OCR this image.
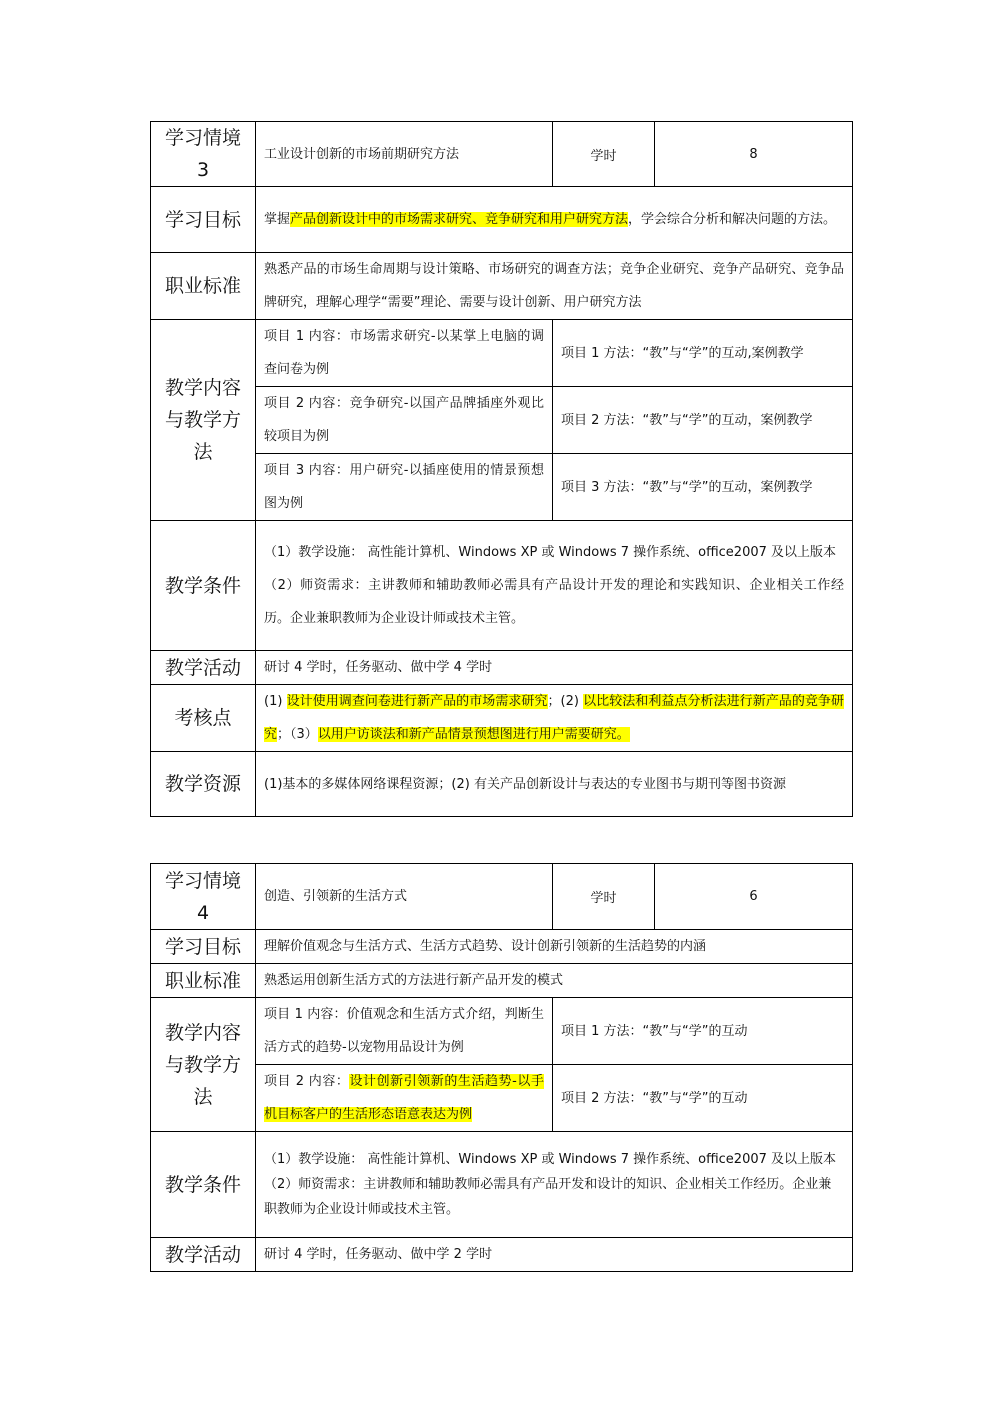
学习情境3	工业设计创新的市场前期研究方法	学时	8
学习目标	掌握产品创新设计中的市场需求研究、竞争研究和用户研究方法，学会综合分析和解决问题的方法。		
职业标准	熟悉产品的市场生命周期与设计策略、市场研究的调查方法；竞争企业研究、竞争产品研究、竞争品牌研究，理解心理学“需要”理论、需要与设计创新、用户研究方法		
教学内容与教学方法	项目 1 内容：市场需求研究-以某掌上电脑的调查问卷为例	项目 1 方法：“教”与“学”的互动,案例教学	
	项目 2 内容：竞争研究-以国产品牌插座外观比较项目为例	项目 2 方法：“教”与“学”的互动，案例教学	
	项目 3 内容：用户研究-以插座使用的情景预想图为例	项目 3 方法：“教”与“学”的互动，案例教学	
教学条件	（1）教学设施： 高性能计算机、Windows XP 或 Windows 7 操作系统、office2007 及以上版本
（2）师资需求：主讲教师和辅助教师必需具有产品设计开发的理论和实践知识、企业相关工作经历。企业兼职教师为企业设计师或技术主管。		

教学活动	研讨 4 学时，任务驱动、做中学 4 学时		
考核点	(1) 设计使用调查问卷进行新产品的市场需求研究；(2) 以比较法和利益点分析法进行新产品的竞争研究；（3）以用户访谈法和新产品情景预想图进行用户需要研究。		
教学资源	(1)基本的多媒体网络课程资源；(2) 有关产品创新设计与表达的专业图书与期刊等图书资源		
学习情境4	创造、引领新的生活方式	学时	6
学习目标	理解价值观念与生活方式、生活方式趋势、设计创新引领新的生活趋势的内涵		
职业标准	熟悉运用创新生活方式的方法进行新产品开发的模式		
教学内容与教学方法	项目 1 内容：价值观念和生活方式介绍，判断生活方式的趋势-以宠物用品设计为例	项目 1 方法：“教”与“学”的互动	
	项目 2 内容：设计创新引领新的生活趋势-以手机目标客户的生活形态语意表达为例	项目 2 方法：“教”与“学”的互动	
教学条件	（1）教学设施： 高性能计算机、Windows XP 或 Windows 7 操作系统、office2007 及以上版本
（2）师资需求：主讲教师和辅助教师必需具有产品开发和设计的知识、企业相关工作经历。企业兼职教师为企业设计师或技术主管。		

教学活动	研讨 4 学时，任务驱动、做中学 2 学时		
